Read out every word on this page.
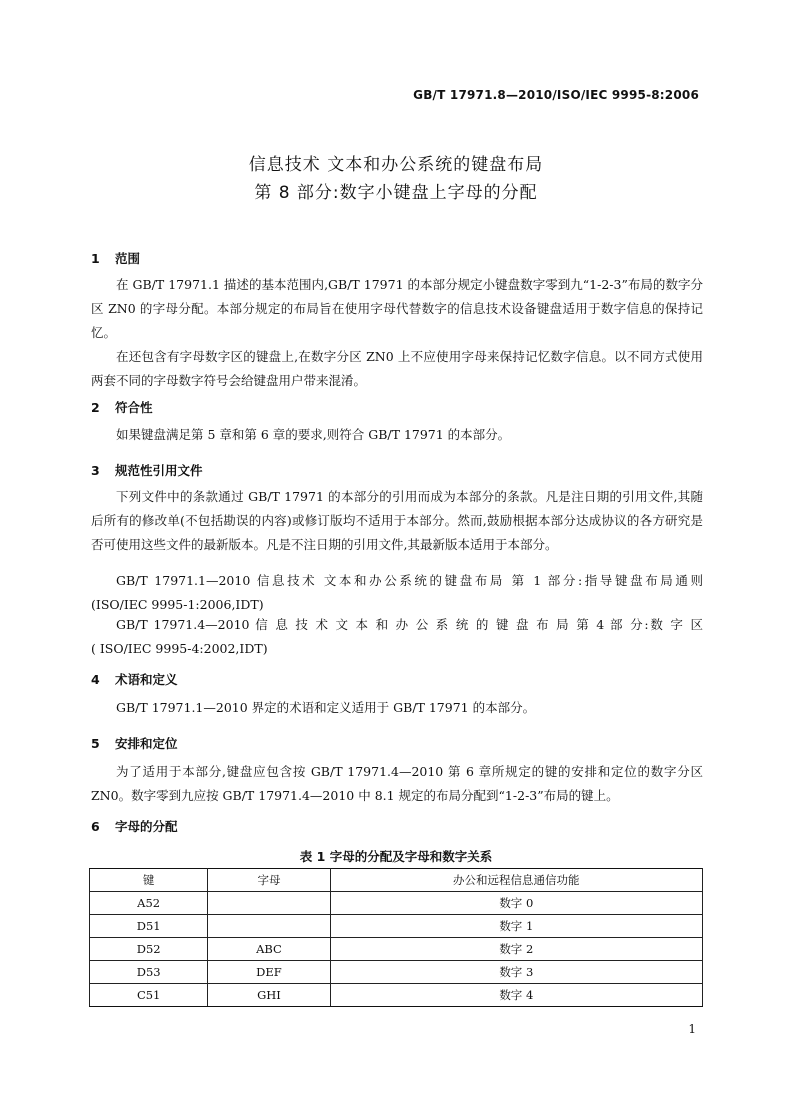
GB/T 17971.8—2010/ISO/IEC 9995-8:2006
信息技术 文本和办公系统的键盘布局
第 8 部分:数字小键盘上字母的分配
1 范围

在 GB/T 17971.1 描述的基本范围内,GB/T 17971 的本部分规定小键盘数字零到九“1-2-3”布局的数字分区 ZN0 的字母分配。本部分规定的布局旨在使用字母代替数字的信息技术设备键盘适用于数字信息的保持记忆。

在还包含有字母数字区的键盘上,在数字分区 ZN0 上不应使用字母来保持记忆数字信息。以不同方式使用两套不同的字母数字符号会给键盘用户带来混淆。

2 符合性

如果键盘满足第 5 章和第 6 章的要求,则符合 GB/T 17971 的本部分。

3 规范性引用文件

下列文件中的条款通过 GB/T 17971 的本部分的引用而成为本部分的条款。凡是注日期的引用文件,其随后所有的修改单(不包括勘误的内容)或修订版均不适用于本部分。然而,鼓励根据本部分达成协议的各方研究是否可使用这些文件的最新版本。凡是不注日期的引用文件,其最新版本适用于本部分。

GB/T 17971.1—2010 信息技术 文本和办公系统的键盘布局 第 1 部分:指导键盘布局通则
(ISO/IEC 9995-1:2006,IDT)
GB/T 17971.4—2010 信 息 技 术 文 本 和 办 公 系 统 的 键 盘 布 局 第 4 部 分:数 字 区
( ISO/IEC 9995-4:2002,IDT)
4 术语和定义

GB/T 17971.1—2010 界定的术语和定义适用于 GB/T 17971 的本部分。

5 安排和定位

为了适用于本部分,键盘应包含按 GB/T 17971.4—2010 第 6 章所规定的键的安排和定位的数字分区 ZN0。数字零到九应按 GB/T 17971.4—2010 中 8.1 规定的布局分配到“1-2-3”布局的键上。

6 字母的分配
表 1 字母的分配及字母和数字关系
键	字母	办公和远程信息通信功能
A52		数字 0
D51		数字 1
D52	ABC	数字 2
D53	DEF	数字 3
C51	GHI	数字 4
1
